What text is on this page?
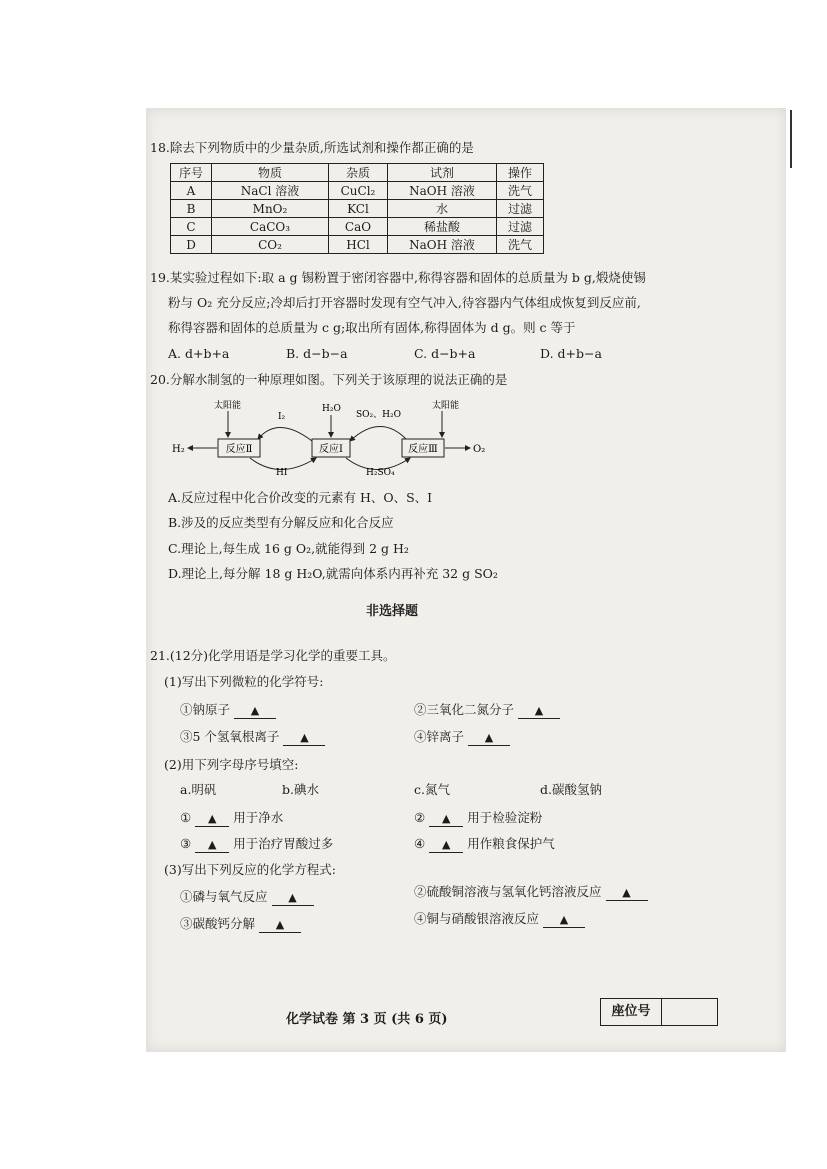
18.除去下列物质中的少量杂质,所选试剂和操作都正确的是
序号	物质	杂质	试剂	操作
A	NaCl 溶液	CuCl₂	NaOH 溶液	洗气
B	MnO₂	KCl	水	过滤
C	CaCO₃	CaO	稀盐酸	过滤
D	CO₂	HCl	NaOH 溶液	洗气
19.某实验过程如下:取 a g 锡粉置于密闭容器中,称得容器和固体的总质量为 b g,煅烧使锡
粉与 O₂ 充分反应;冷却后打开容器时发现有空气冲入,待容器内气体组成恢复到反应前,
称得容器和固体的总质量为 c g;取出所有固体,称得固体为 d g。则 c 等于
A. d+b+a	B. d−b−a	C. d−b+a	D. d+b−a
20.分解水制氢的一种原理如图。下列关于该原理的说法正确的是
反应Ⅱ	反应Ⅰ	反应Ⅲ
太阳能	太阳能
H₂	O₂
H₂O
I₂
HI
SO₂、H₂O
H₂SO₄
A.反应过程中化合价改变的元素有 H、O、S、I
B.涉及的反应类型有分解反应和化合反应
C.理论上,每生成 16 g O₂,就能得到 2 g H₂
D.理论上,每分解 18 g H₂O,就需向体系内再补充 32 g SO₂
非选择题
21.(12分)化学用语是学习化学的重要工具。
(1)写出下列微粒的化学符号:
①钠原子 ▲	②三氧化二氮分子 ▲
③5 个氢氧根离子 ▲	④锌离子 ▲
(2)用下列字母序号填空:
a.明矾	b.碘水	c.氮气	d.碳酸氢钠
① ▲ 用于净水	② ▲ 用于检验淀粉
③ ▲ 用于治疗胃酸过多	④ ▲ 用作粮食保护气
(3)写出下列反应的化学方程式:
①磷与氧气反应 ▲	②硫酸铜溶液与氢氧化钙溶液反应 ▲
③碳酸钙分解 ▲	④铜与硝酸银溶液反应 ▲
化学试卷 第 3 页 (共 6 页)
座位号
